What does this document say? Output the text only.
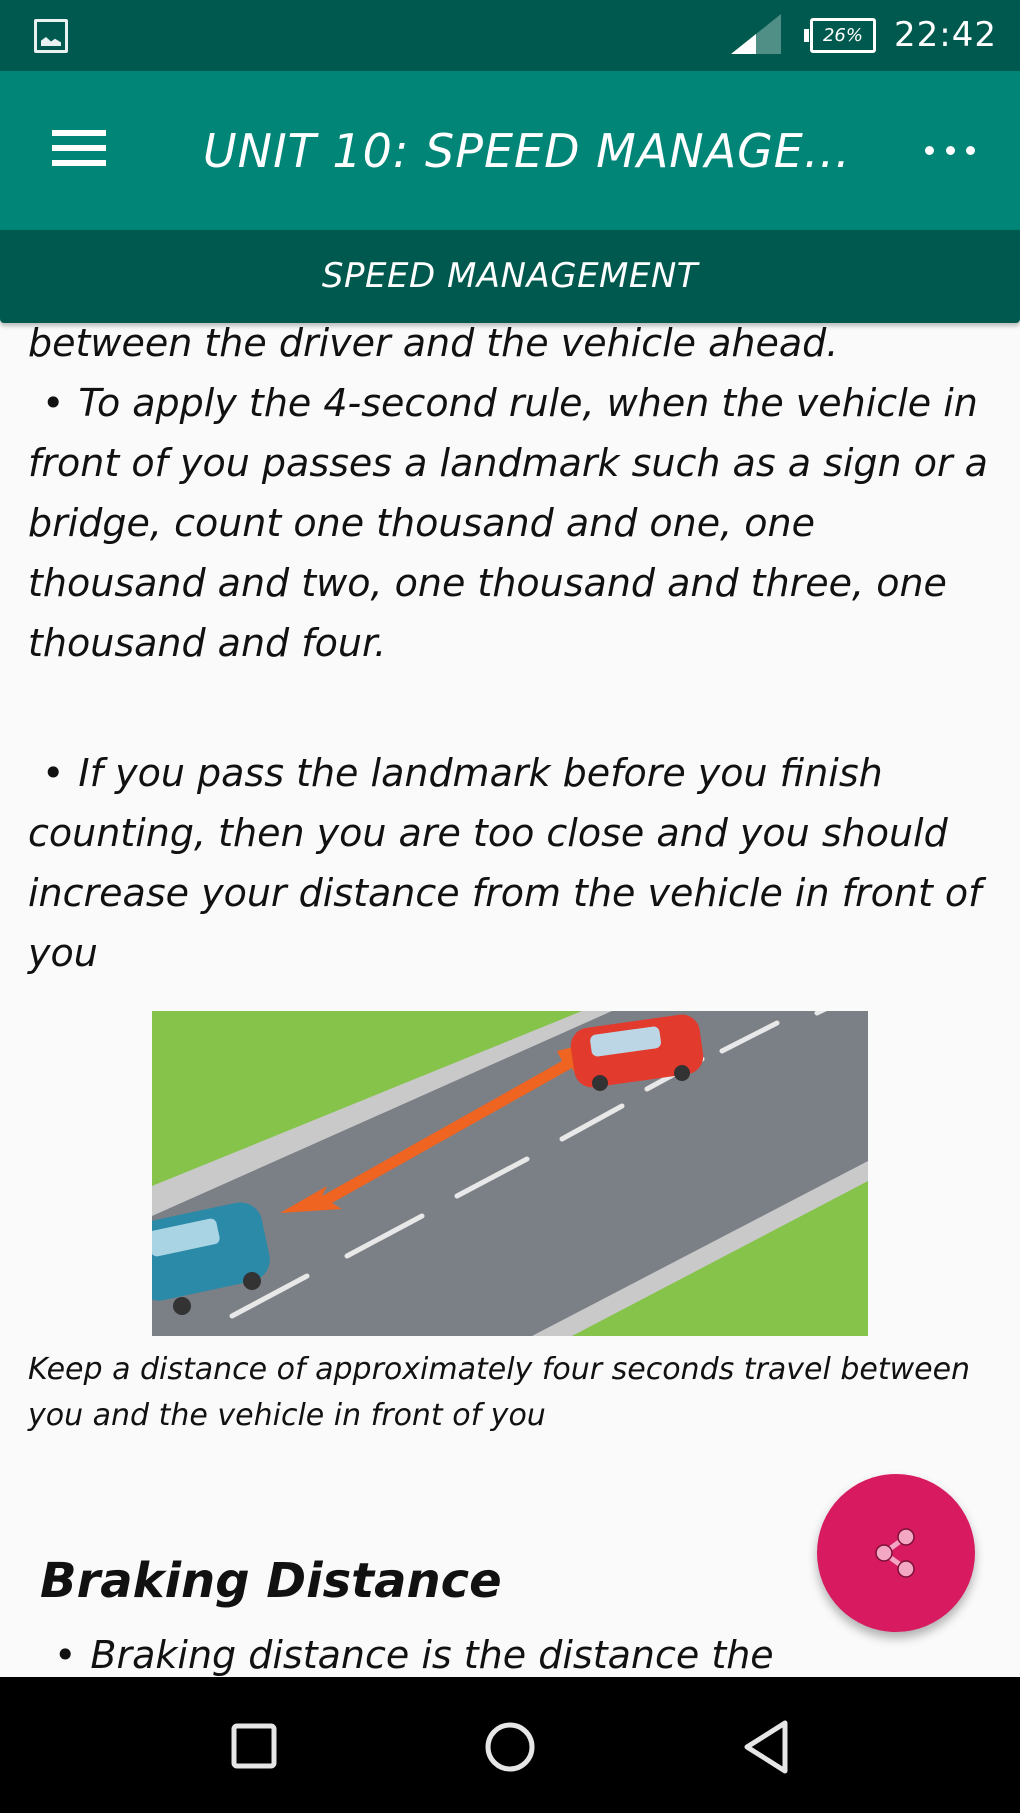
26% 22:42
UNIT 10: SPEED MANAGE...
SPEED MANAGEMENT

between the driver and the vehicle ahead.

• To apply the 4-second rule, when the vehicle in front of you passes a landmark such as a sign or a bridge, count one thousand and one, one thousand and two, one thousand and three, one thousand and four.

• If you pass the landmark before you finish counting, then you are too close and you should increase your distance from the vehicle in front of you

Keep a distance of approximately four seconds travel between you and the vehicle in front of you

Braking Distance

• Braking distance is the distance the
